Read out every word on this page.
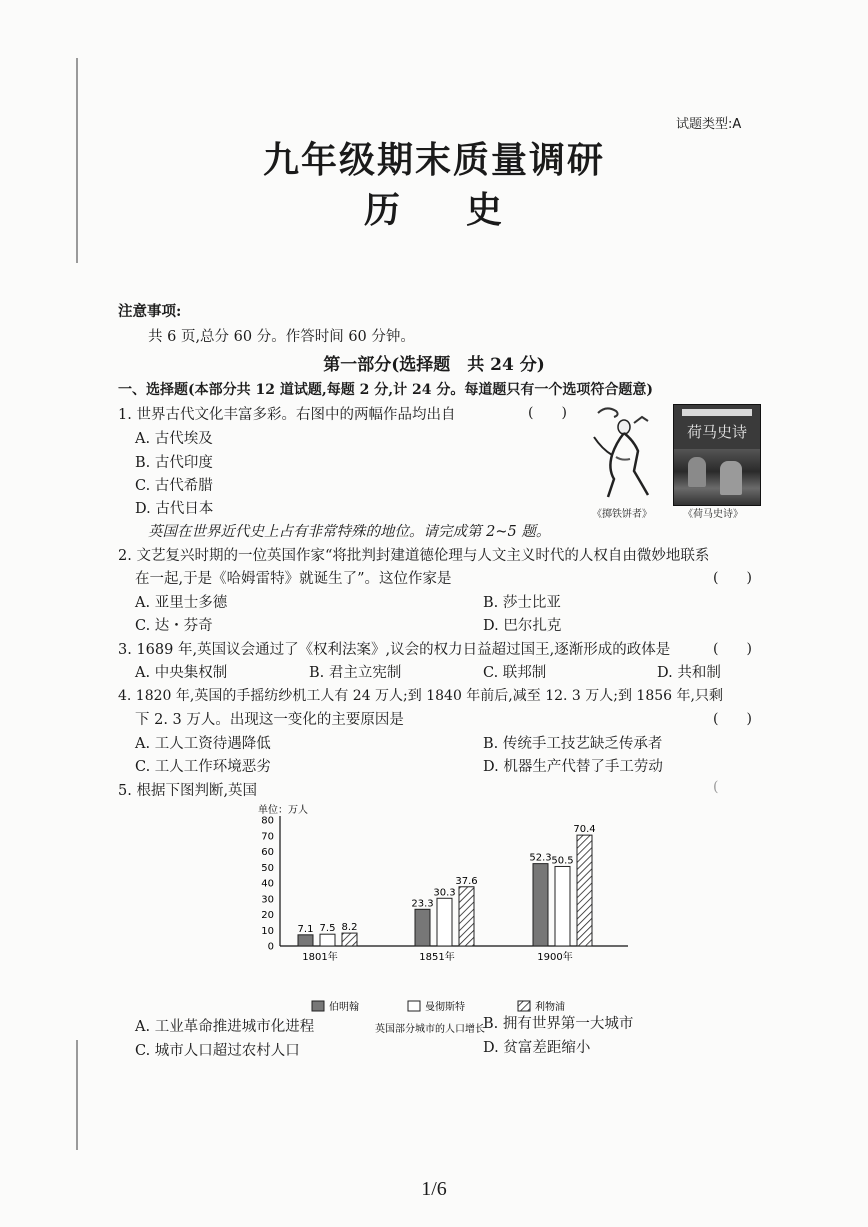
试题类型:A
九年级期末质量调研
历 史
注意事项:
共 6 页,总分 60 分。作答时间 60 分钟。
第一部分(选择题　共 24 分)
一、选择题(本部分共 12 道试题,每题 2 分,计 24 分。每道题只有一个选项符合题意)
1. 世界古代文化丰富多彩。右图中的两幅作品均出自	(　　)
A. 古代埃及
B. 古代印度
C. 古代希腊
D. 古代日本	《掷铁饼者》
荷马史诗
《荷马史诗》
英国在世界近代史上占有非常特殊的地位。请完成第 2~5 题。
2. 文艺复兴时期的一位英国作家“将批判封建道德伦理与人文主义时代的人权自由微妙地联系
在一起,于是《哈姆雷特》就诞生了”。这位作家是	(　　)
A. 亚里士多德	B. 莎士比亚
C. 达・芬奇	D. 巴尔扎克
3. 1689 年,英国议会通过了《权利法案》,议会的权力日益超过国王,逐渐形成的政体是	(　　)
A. 中央集权制	B. 君主立宪制	C. 联邦制	D. 共和制
4. 1820 年,英国的手摇纺纱机工人有 24 万人;到 1840 年前后,减至 12. 3 万人;到 1856 年,只剩
下 2. 3 万人。出现这一变化的主要原因是	(　　)
A. 工人工资待遇降低	B. 传统手工技艺缺乏传承者
C. 工人工作环境恶劣	D. 机器生产代替了手工劳动
5. 根据下图判断,英国	(
单位：万人
80
70
60
50
40
30
20
10
0
7.1 7.5 8.2
1801年
23.3
30.3
37.6
1851年
52.3 50.5
70.4
1900年
伯明翰	曼彻斯特	利物浦
英国部分城市的人口增长
A. 工业革命推进城市化进程	B. 拥有世界第一大城市
C. 城市人口超过农村人口	D. 贫富差距缩小
1/6
